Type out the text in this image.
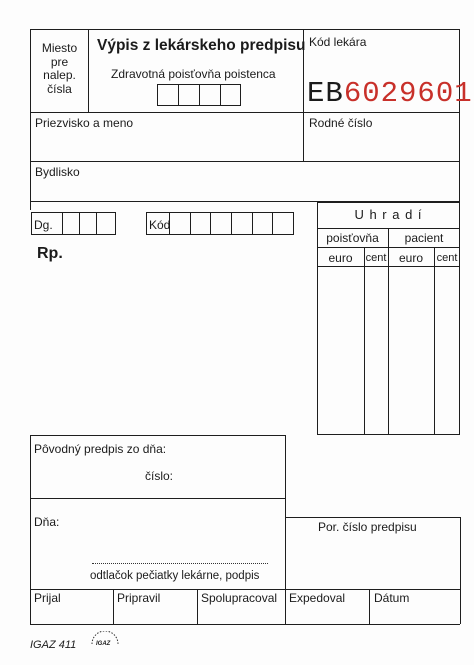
Miesto
pre
nalep.
čísla
Výpis z lekárskeho predpisu
Zdravotná poisťovňa poistenca
Kód lekára
EB6029601
Priezvisko a meno	Rodné číslo
Bydlisko
Dg.	Kód
Rp.
U h r a d í
poisťovňa	pacient
euro	cent	euro	cent
Pôvodný predpis zo dňa:
číslo:
Dňa:	Por. číslo predpisu
odtlačok pečiatky lekárne, podpis
Prijal	Pripravil	Spolupracoval Expedoval Dátum
IGAZ 411	IGAZ
